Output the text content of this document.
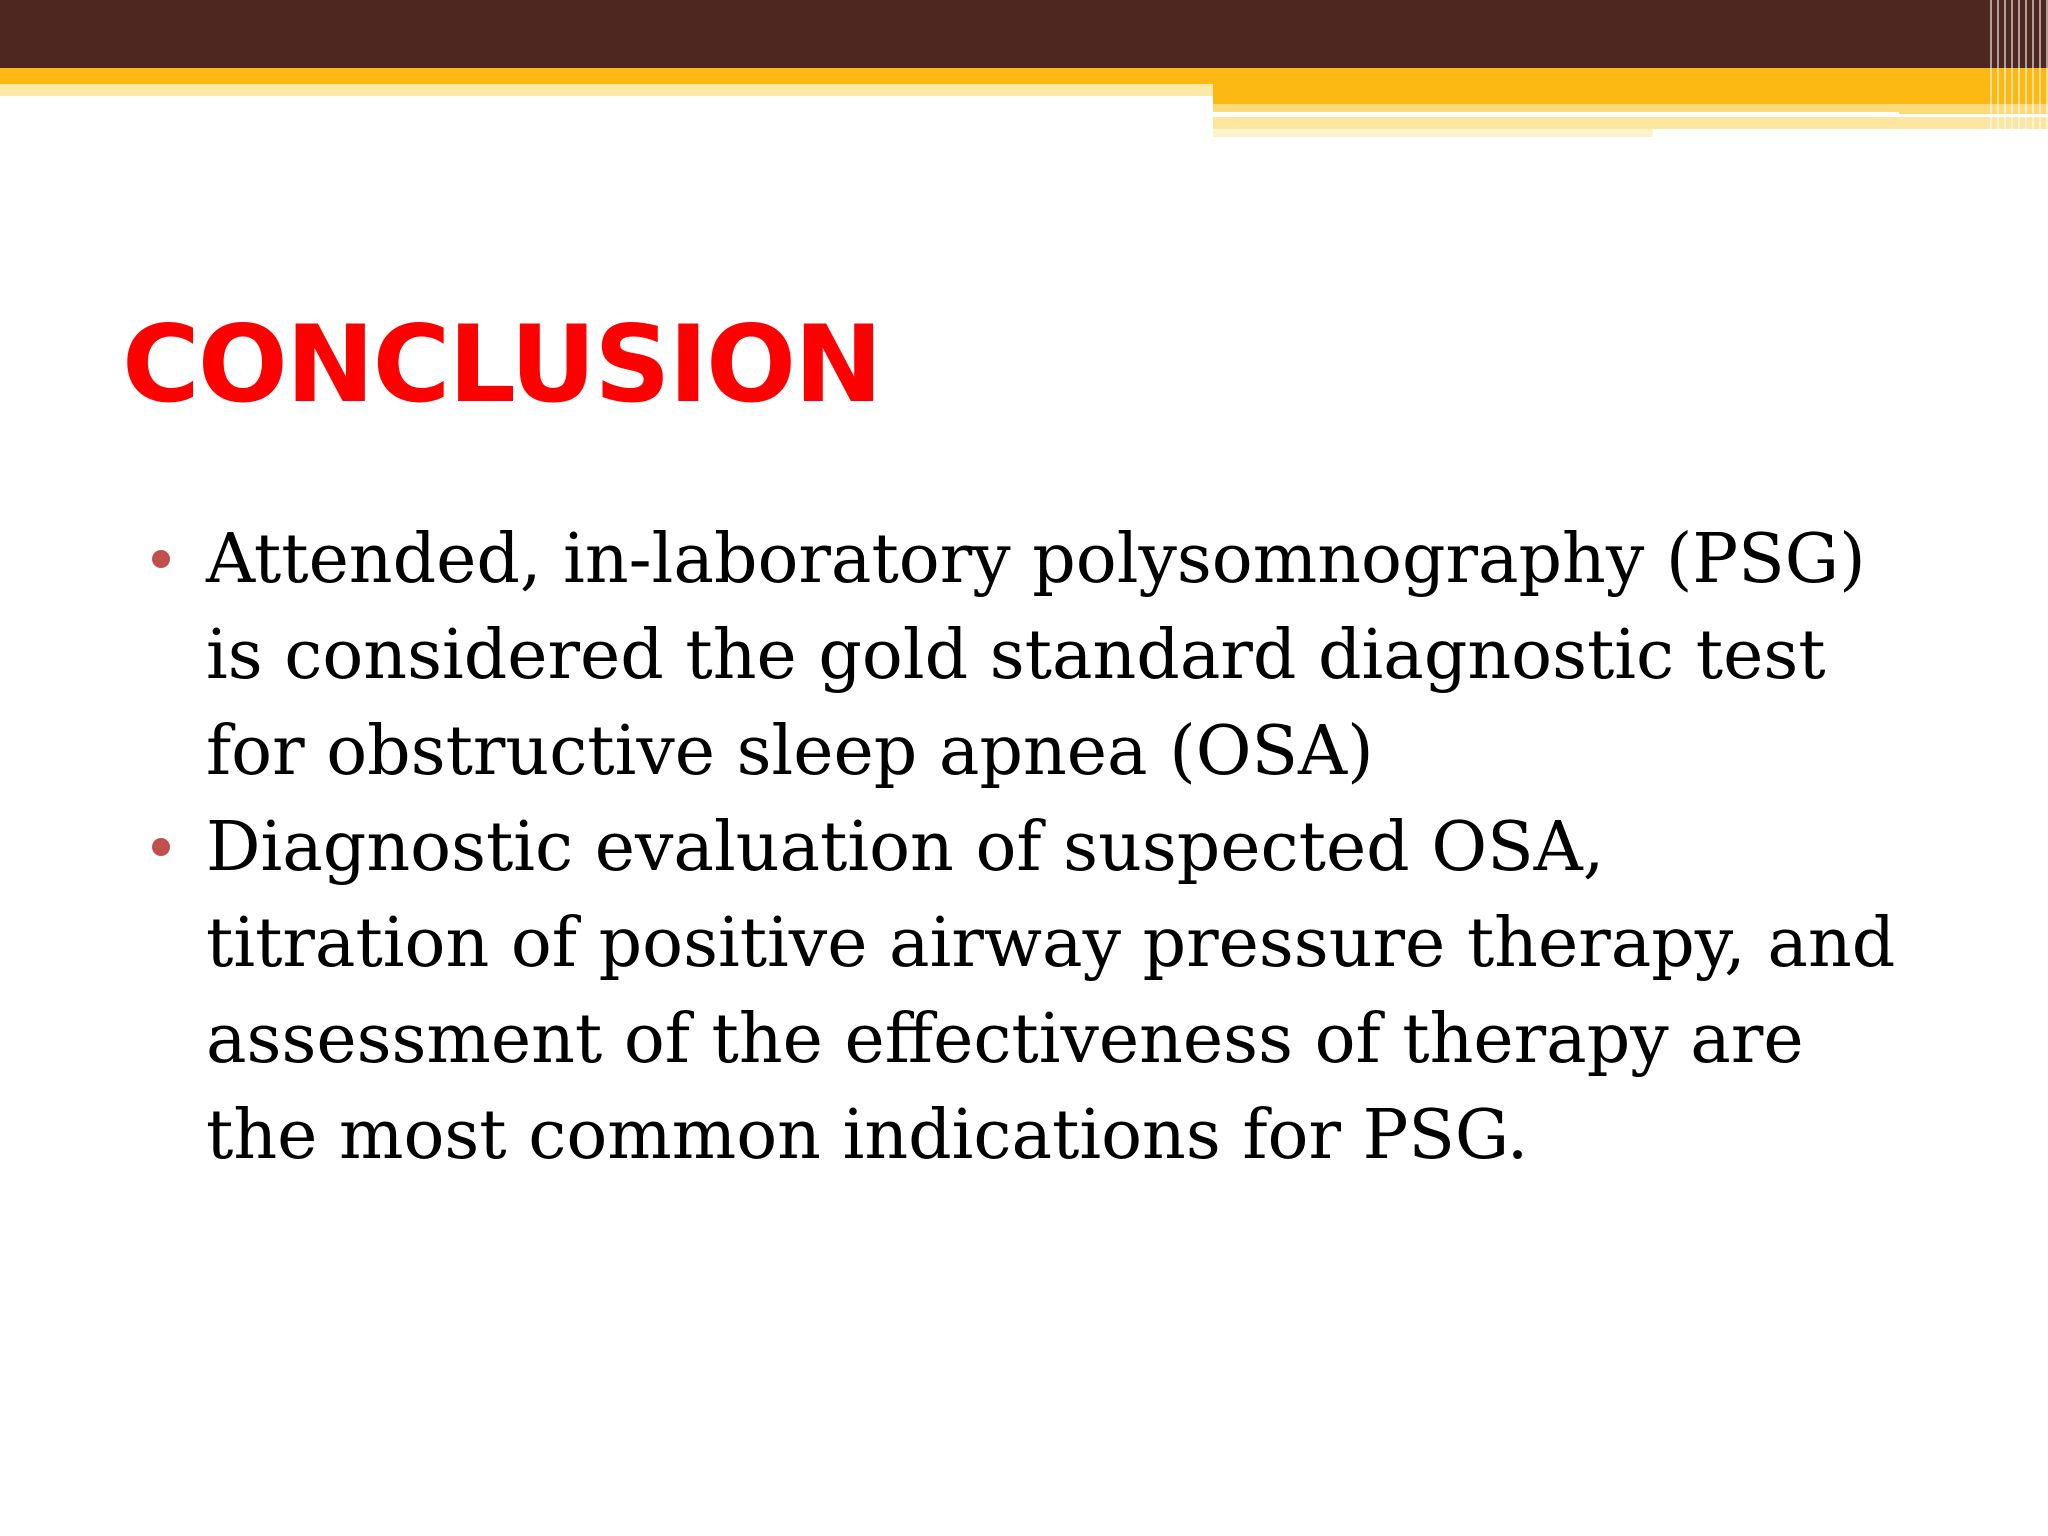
CONCLUSION
Attended, in-laboratory polysomnography (PSG)
is considered the gold standard diagnostic test
for obstructive sleep apnea (OSA)
Diagnostic evaluation of suspected OSA,
titration of positive airway pressure therapy, and
assessment of the effectiveness of therapy are
the most common indications for PSG.
